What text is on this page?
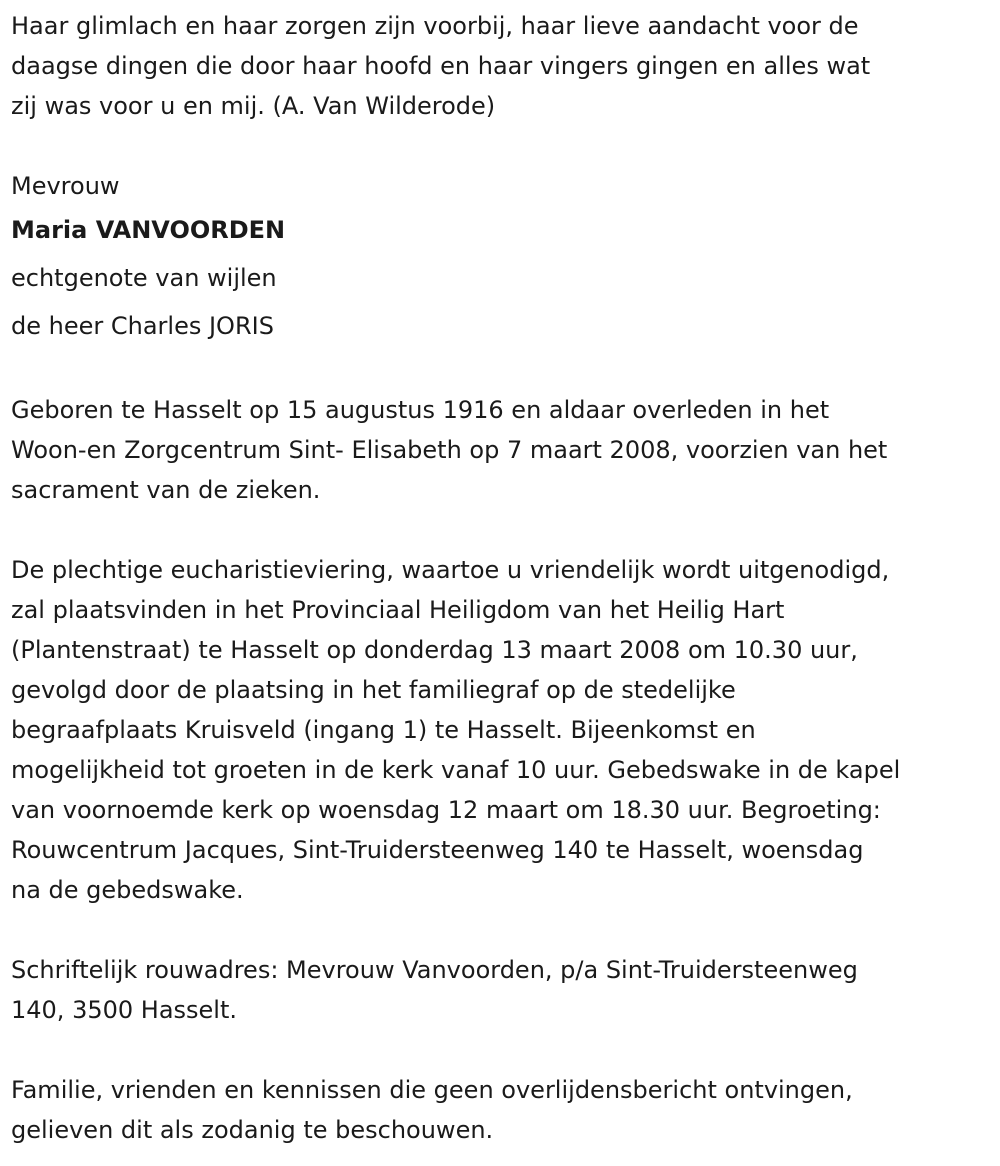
Haar glimlach en haar zorgen zijn voorbij, haar lieve aandacht voor de
daagse dingen die door haar hoofd en haar vingers gingen en alles wat
zij was voor u en mij. (A. Van Wilderode)

Mevrouw

Maria VANVOORDEN

echtgenote van wijlen

de heer Charles JORIS

Geboren te Hasselt op 15 augustus 1916 en aldaar overleden in het
Woon-en Zorgcentrum Sint- Elisabeth op 7 maart 2008, voorzien van het
sacrament van de zieken.

De plechtige eucharistieviering, waartoe u vriendelijk wordt uitgenodigd,
zal plaatsvinden in het Provinciaal Heiligdom van het Heilig Hart
(Plantenstraat) te Hasselt op donderdag 13 maart 2008 om 10.30 uur,
gevolgd door de plaatsing in het familiegraf op de stedelijke
begraafplaats Kruisveld (ingang 1) te Hasselt. Bijeenkomst en
mogelijkheid tot groeten in de kerk vanaf 10 uur. Gebedswake in de kapel
van voornoemde kerk op woensdag 12 maart om 18.30 uur. Begroeting:
Rouwcentrum Jacques, Sint-Truidersteenweg 140 te Hasselt, woensdag
na de gebedswake.

Schriftelijk rouwadres: Mevrouw Vanvoorden, p/a Sint-Truidersteenweg
140, 3500 Hasselt.

Familie, vrienden en kennissen die geen overlijdensbericht ontvingen,
gelieven dit als zodanig te beschouwen.
